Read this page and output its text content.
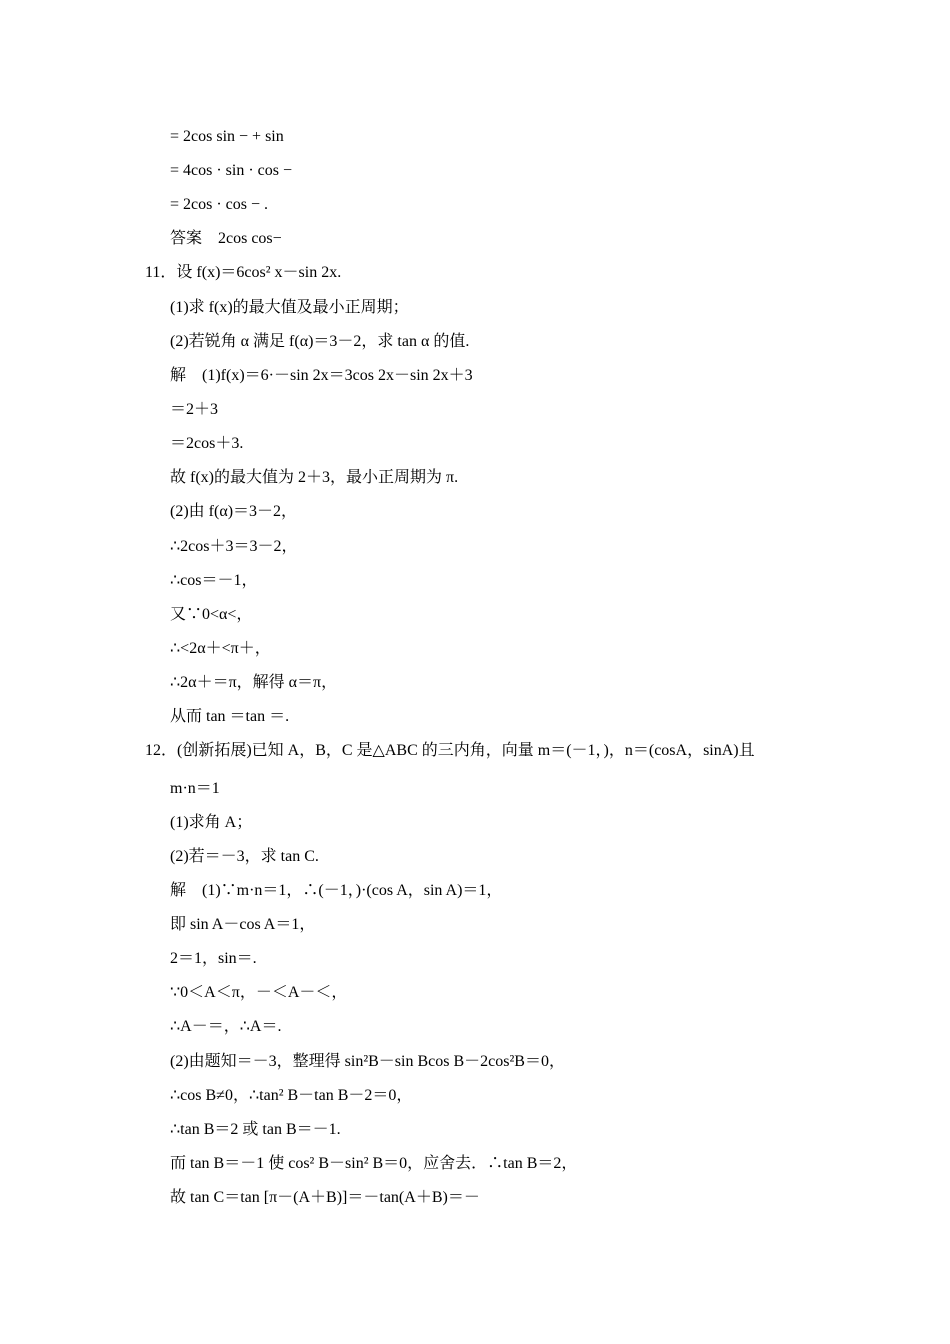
= 2cos sin − + sin
= 4cos · sin · cos −
= 2cos · cos − .
答案　2cos cos−
11．设 f(x)＝6cos² x－sin 2x.
(1)求 f(x)的最大值及最小正周期；
(2)若锐角 α 满足 f(α)＝3－2，求 tan α 的值.
解　(1)f(x)＝6·－sin 2x＝3cos 2x－sin 2x＋3
＝2＋3
＝2cos＋3.
故 f(x)的最大值为 2＋3，最小正周期为 π.
(2)由 f(α)＝3－2，
∴2cos＋3＝3－2，
∴cos＝－1，
又∵0<α<，
∴<2α＋<π＋，
∴2α＋＝π，解得 α＝π，
从而 tan ＝tan ＝.
12．(创新拓展)已知 A，B，C 是△ABC 的三内角，向量 m＝(－1，)，n＝(cosA，sinA)且
m·n＝1
(1)求角 A；
(2)若＝－3，求 tan C.
解　(1)∵m·n＝1，∴(－1，)·(cos A，sin A)＝1，
即 sin A－cos A＝1，
2＝1，sin＝.
∵0＜A＜π，－＜A－＜，
∴A－＝，∴A＝.
(2)由题知＝－3，整理得 sin²B－sin Bcos B－2cos²B＝0，
∴cos B≠0，∴tan² B－tan B－2＝0，
∴tan B＝2 或 tan B＝－1.
而 tan B＝－1 使 cos² B－sin² B＝0，应舍去．∴tan B＝2，
故 tan C＝tan [π－(A＋B)]＝－tan(A＋B)＝－
